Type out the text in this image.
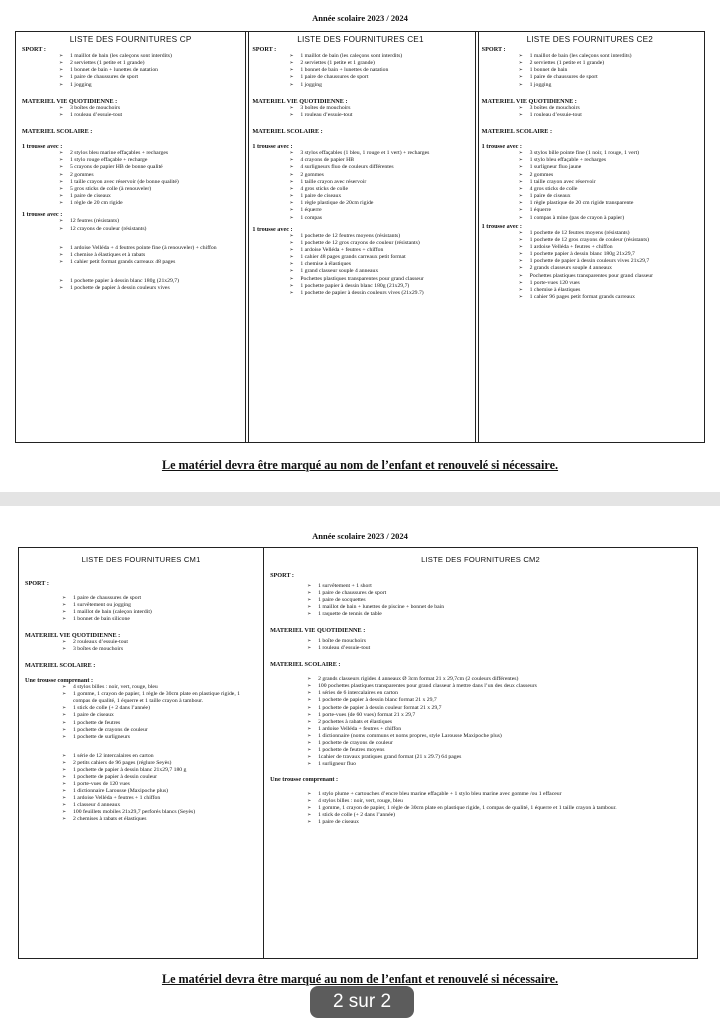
Année scolaire 2023 / 2024
LISTE DES FOURNITURES CP
SPORT :
➢ 1 maillot de bain (les caleçons sont interdits)
➢ 2 serviettes (1 petite et 1 grande)
➢ 1 bonnet de bain + lunettes de natation
➢ 1 paire de chaussures de sport
➢ 1 jogging
MATERIEL VIE QUOTIDIENNE :
➢ 3 boîtes de mouchoirs
➢ 1 rouleau d’essuie-tout
MATERIEL SCOLAIRE :
1 trousse avec :
➢ 2 stylos bleu marine effaçables + recharges
➢ 1 stylo rouge effaçable + recharge
➢ 5 crayons de papier HB de bonne qualité
➢ 2 gommes
➢ 1 taille crayon avec réservoir (de bonne qualité)
➢ 5 gros sticks de colle (à renouveler)
➢ 1 paire de ciseaux
➢ 1 règle de 20 cm rigide
1 trousse avec :
➢ 12 feutres (résistants)
➢ 12 crayons de couleur (résistants)
➢ 1 ardoise Velléda + 4 feutres pointe fine (à renouveler) + chiffon
➢ 1 chemise à élastiques et à rabats
➢ 1 cahier petit format grands carreaux 48 pages
➢ 1 pochette papier à dessin blanc 180g (21x29,7)
➢ 1 pochette de papier à dessin couleurs vives
LISTE DES FOURNITURES CE1
SPORT :
➢ 1 maillot de bain (les caleçons sont interdits)
➢ 2 serviettes (1 petite et 1 grande)
➢ 1 bonnet de bain + lunettes de natation
➢ 1 paire de chaussures de sport
➢ 1 jogging
MATERIEL VIE QUOTIDIENNE :
➢ 3 boîtes de mouchoirs
➢ 1 rouleau d’essuie-tout
MATERIEL SCOLAIRE :
1 trousse avec :
➢ 3 stylos effaçables (1 bleu, 1 rouge et 1 vert) + recharges
➢ 4 crayons de papier HB
➢ 4 surligneurs fluo de couleurs différentes
➢ 2 gommes
➢ 1 taille crayon avec réservoir
➢ 4 gros sticks de colle
➢ 1 paire de ciseaux
➢ 1 règle plastique de 20cm rigide
➢ 1 équerre
➢ 1 compas
1 trousse avec :
➢ 1 pochette de 12 feutres moyens (résistants)
➢ 1 pochette de 12 gros crayons de couleur (résistants)
➢ 1 ardoise Velléda + feutres + chiffon
➢ 1 cahier 48 pages grands carreaux petit format
➢ 1 chemise à élastiques
➢ 1 grand classeur souple 4 anneaux
➢ Pochettes plastiques transparentes pour grand classeur
➢ 1 pochette papier à dessin blanc 180g (21x29,7)
➢ 1 pochette de papier à dessin couleurs vives (21x29.7)
LISTE DES FOURNITURES CE2
SPORT :
➢ 1 maillot de bain (les caleçons sont interdits)
➢ 2 serviettes (1 petite et 1 grande)
➢ 1 bonnet de bain
➢ 1 paire de chaussures de sport
➢ 1 jogging
MATERIEL VIE QUOTIDIENNE :
➢ 3 boîtes de mouchoirs
➢ 1 rouleau d’essuie-tout
MATERIEL SCOLAIRE :
1 trousse avec :
➢ 3 stylos bille pointe fine (1 noir, 1 rouge, 1 vert)
➢ 1 stylo bleu effaçable + recharges
➢ 1 surligneur fluo jaune
➢ 2 gommes
➢ 1 taille crayon avec réservoir
➢ 4 gros sticks de colle
➢ 1 paire de ciseaux
➢ 1 règle plastique de 20 cm rigide transparente
➢ 1 équerre
➢ 1 compas à mine (pas de crayon à papier)
1 trousse avec :
➢ 1 pochette de 12 feutres moyens (résistants)
➢ 1 pochette de 12 gros crayons de couleur (résistants)
➢ 1 ardoise Velléda + feutres + chiffon
➢ 1 pochette papier à dessin blanc 180g 21x29,7
➢ 1 pochette de papier à dessin couleurs vives 21x29,7
➢ 2 grands classeurs souple 4 anneaux
➢ Pochettes plastiques transparentes pour grand classeur
➢ 1 porte-vues 120 vues
➢ 1 chemise à élastiques
➢ 1 cahier 96 pages petit format grands carreaux
Le matériel devra être marqué au nom de l’enfant et renouvelé si nécessaire.
Année scolaire 2023 / 2024
LISTE DES FOURNITURES CM1
SPORT :
➢ 1 paire de chaussures de sport
➢ 1 survêtement ou jogging
➢ 1 maillot de bain (caleçon interdit)
➢ 1 bonnet de bain silicone
MATERIEL VIE QUOTIDIENNE :
➢ 2 rouleaux d’essuie-tout
➢ 3 boîtes de mouchoirs
MATERIEL SCOLAIRE :
Une trousse comprenant :
➢ 4 stylos billes : noir, vert, rouge, bleu
➢ 1 gomme, 1 crayon de papier, 1 règle de 30cm plate en plastique rigide, 1 compas de qualité, 1 équerre et 1 taille crayon à tambour.
➢ 1 stick de colle (+ 2 dans l’année)
➢ 1 paire de ciseaux
➢ 1 pochette de feutres
➢ 1 pochette de crayons de couleur
➢ 1 pochette de surligneurs
➢ 1 série de 12 intercalaires en carton
➢ 2 petits cahiers de 96 pages (réglure Seyès)
➢ 1 pochette de papier à dessin blanc 21x29,7 180 g
➢ 1 pochette de papier à dessin couleur
➢ 1 porte-vues de 120 vues
➢ 1 dictionnaire Larousse (Maxipoche plus)
➢ 1 ardoise Velléda + feutres + 1 chiffon
➢ 1 classeur 4 anneaux
➢ 100 feuillets mobiles 21x29,7 perforés blancs (Seyès)
➢ 2 chemises à rabats et élastiques
LISTE DES FOURNITURES CM2
SPORT :
➢ 1 survêtement + 1 short
➢ 1 paire de chaussures de sport
➢ 1 paire de socquettes
➢ 1 maillot de bain + lunettes de piscine + bonnet de bain
➢ 1 raquette de tennis de table
MATERIEL VIE QUOTIDIENNE :
➢ 1 boîte de mouchoirs
➢ 1 rouleau d’essuie-tout
MATERIEL SCOLAIRE :
➢ 2 grands classeurs rigides 4 anneaux Ø 3cm format 21 x 29,7cm (2 couleurs différentes)
➢ 100 pochettes plastiques transparentes pour grand classeur à mettre dans l’un des deux classeurs
➢ 1 séries de 6 intercalaires en carton
➢ 1 pochette de papier à dessin blanc format 21 x 29,7
➢ 1 pochette de papier à dessin couleur format 21 x 29,7
➢ 1 porte-vues (de 60 vues) format 21 x 29,7
➢ 2 pochettes à rabats et élastiques
➢ 1 ardoise Velléda + feutres + chiffon
➢ 1 dictionnaire (noms communs et noms propres, style Larousse Maxipoche plus)
➢ 1 pochette de crayons de couleur
➢ 1 pochette de feutres moyens
➢ 1cahier de travaux pratiques grand format (21 x 29.7) 64 pages
➢ 1 surligneur fluo
Une trousse comprenant :
➢ 1 stylo plume + cartouches d’encre bleu marine effaçable + 1 stylo bleu marine avec gomme /ou 1 effaceur
➢ 4 stylos billes : noir, vert, rouge, bleu
➢ 1 gomme, 1 crayon de papier, 1 règle de 30cm plate en plastique rigide, 1 compas de qualité, 1 équerre et 1 taille crayon à tambour.
➢ 1 stick de colle (+ 2 dans l’année)
➢ 1 paire de ciseaux
Le matériel devra être marqué au nom de l’enfant et renouvelé si nécessaire.
2 sur 2
